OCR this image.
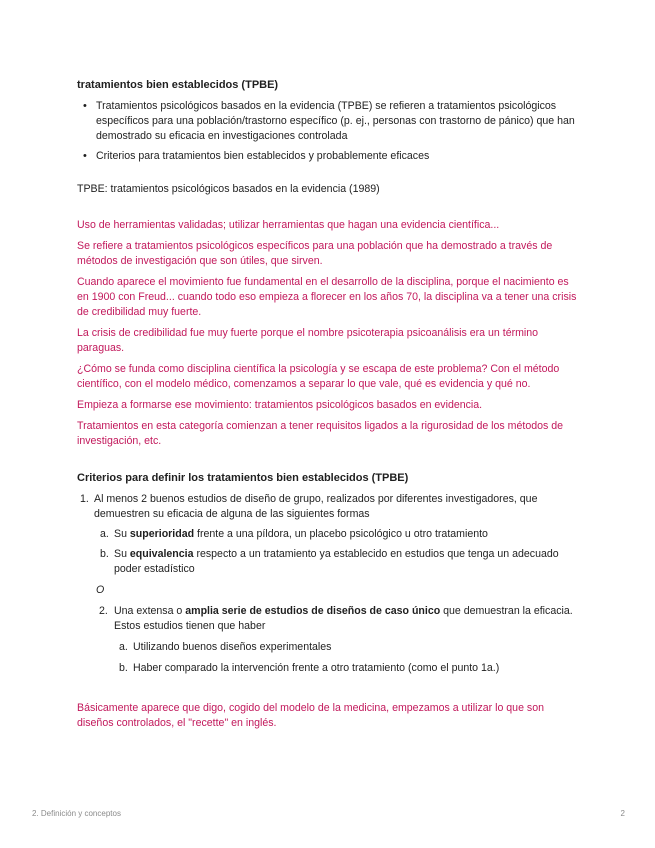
tratamientos bien establecidos (TPBE)

• Tratamientos psicológicos basados en la evidencia (TPBE) se refieren a tratamientos psicológicos específicos para una población/trastorno específico (p. ej., personas con trastorno de pánico) que han demostrado su eficacia en investigaciones controlada
• Criterios para tratamientos bien establecidos y probablemente eficaces

TPBE: tratamientos psicológicos basados en la evidencia (1989)

Uso de herramientas validadas; utilizar herramientas que hagan una evidencia científica...

Se refiere a tratamientos psicológicos específicos para una población que ha demostrado a través de métodos de investigación que son útiles, que sirven.

Cuando aparece el movimiento fue fundamental en el desarrollo de la disciplina, porque el nacimiento es en 1900 con Freud... cuando todo eso empieza a florecer en los años 70, la disciplina va a tener una crisis de credibilidad muy fuerte.

La crisis de credibilidad fue muy fuerte porque el nombre psicoterapia psicoanálisis era un término paraguas.

¿Cómo se funda como disciplina científica la psicología y se escapa de este problema? Con el método científico, con el modelo médico, comenzamos a separar lo que vale, qué es evidencia y qué no.

Empieza a formarse ese movimiento: tratamientos psicológicos basados en evidencia.

Tratamientos en esta categoría comienzan a tener requisitos ligados a la rigurosidad de los métodos de investigación, etc.

Criterios para definir los tratamientos bien establecidos (TPBE)

1. Al menos 2 buenos estudios de diseño de grupo, realizados por diferentes investigadores, que demuestren su eficacia de alguna de las siguientes formas
a. Su superioridad frente a una píldora, un placebo psicológico u otro tratamiento
b. Su equivalencia respecto a un tratamiento ya establecido en estudios que tenga un adecuado poder estadístico

O

2. Una extensa o amplia serie de estudios de diseños de caso único que demuestran la eficacia. Estos estudios tienen que haber
a. Utilizando buenos diseños experimentales
b. Haber comparado la intervención frente a otro tratamiento (como el punto 1a.)

Básicamente aparece que digo, cogido del modelo de la medicina, empezamos a utilizar lo que son diseños controlados, el "recette" en inglés.

2. Definición y conceptos	2
